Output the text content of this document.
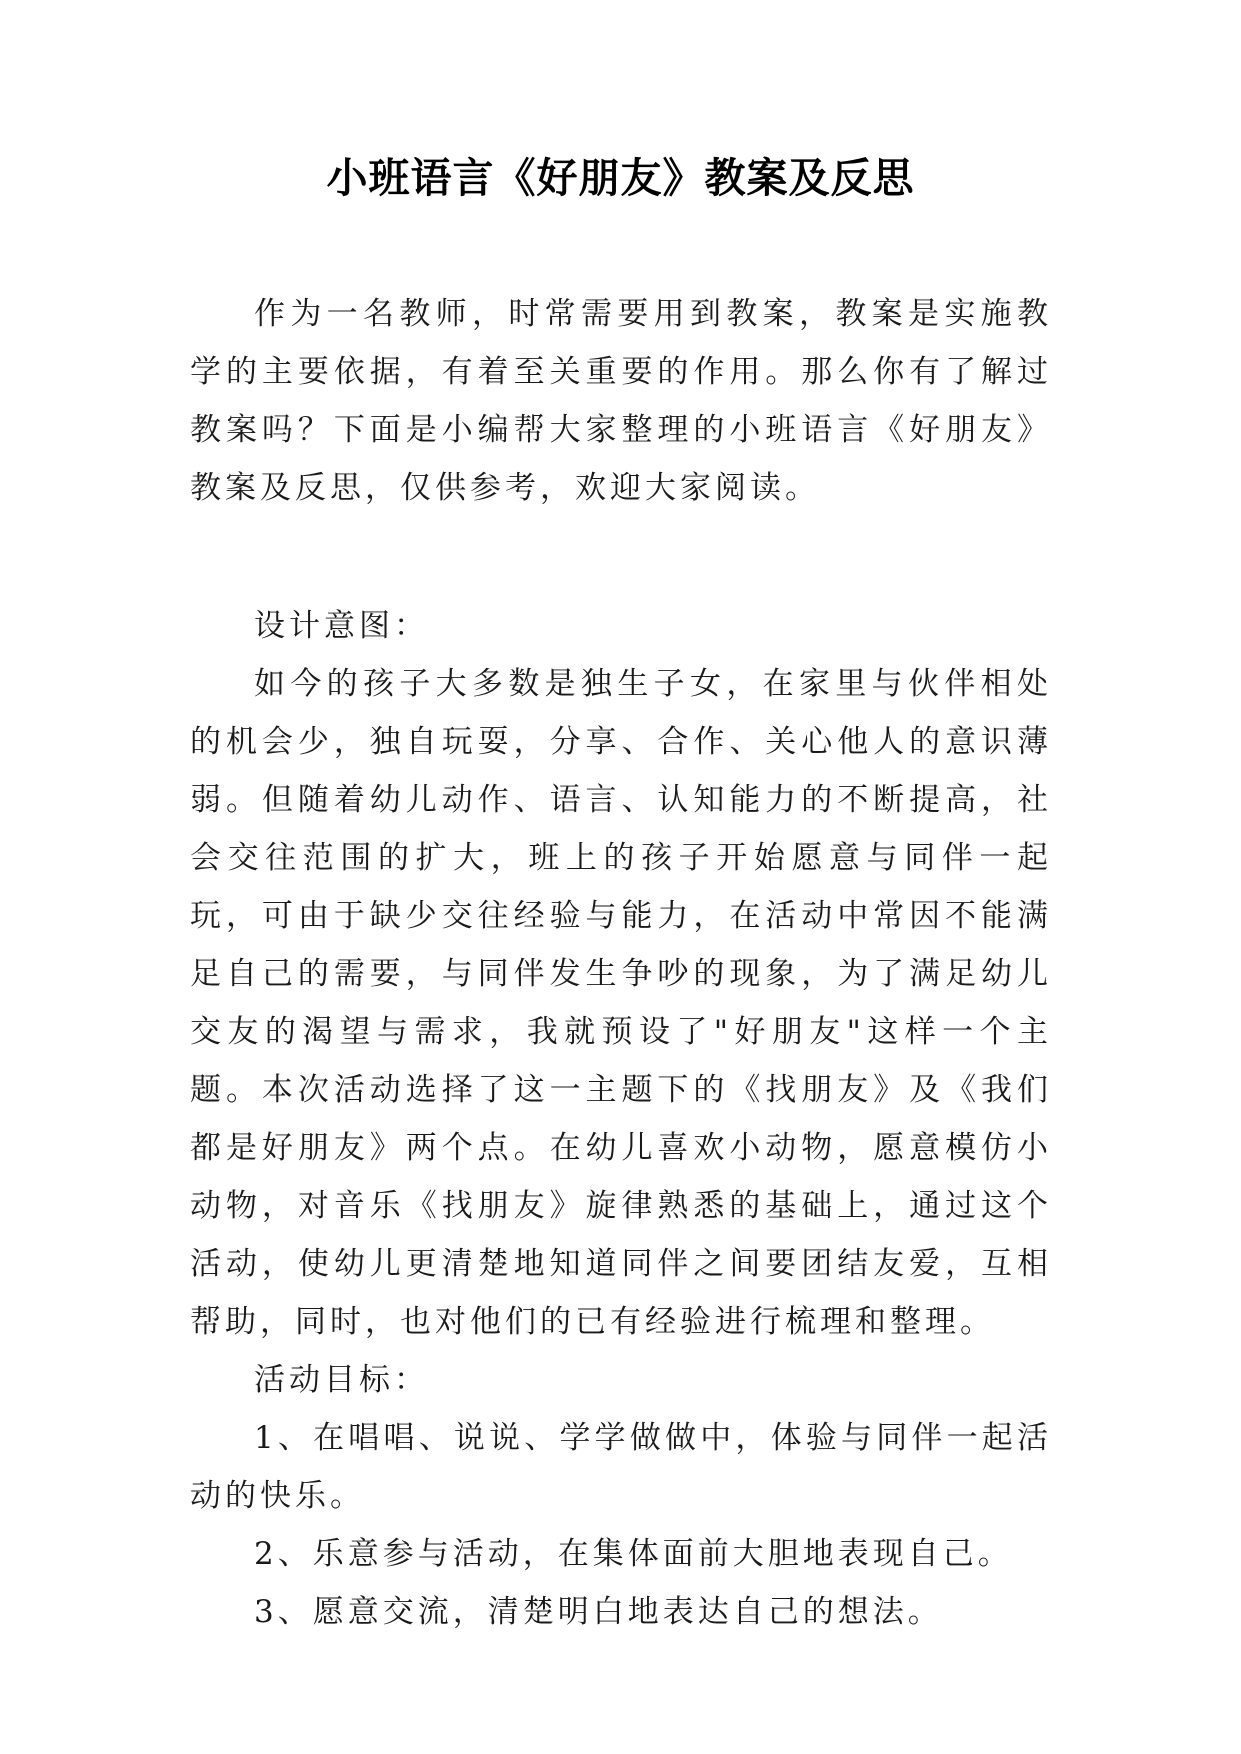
小班语言《好朋友》教案及反思

作为一名教师，时常需要用到教案，教案是实施教学的主要依据，有着至关重要的作用。那么你有了解过教案吗？下面是小编帮大家整理的小班语言《好朋友》教案及反思，仅供参考，欢迎大家阅读。

设计意图：

如今的孩子大多数是独生子女，在家里与伙伴相处的机会少，独自玩耍，分享、合作、关心他人的意识薄弱。但随着幼儿动作、语言、认知能力的不断提高，社会交往范围的扩大，班上的孩子开始愿意与同伴一起玩，可由于缺少交往经验与能力，在活动中常因不能满足自己的需要，与同伴发生争吵的现象，为了满足幼儿交友的渴望与需求，我就预设了"好朋友"这样一个主题。本次活动选择了这一主题下的《找朋友》及《我们都是好朋友》两个点。在幼儿喜欢小动物，愿意模仿小动物，对音乐《找朋友》旋律熟悉的基础上，通过这个活动，使幼儿更清楚地知道同伴之间要团结友爱，互相帮助，同时，也对他们的已有经验进行梳理和整理。

活动目标：

1、在唱唱、说说、学学做做中，体验与同伴一起活动的快乐。

2、乐意参与活动，在集体面前大胆地表现自己。

3、愿意交流，清楚明白地表达自己的想法。
